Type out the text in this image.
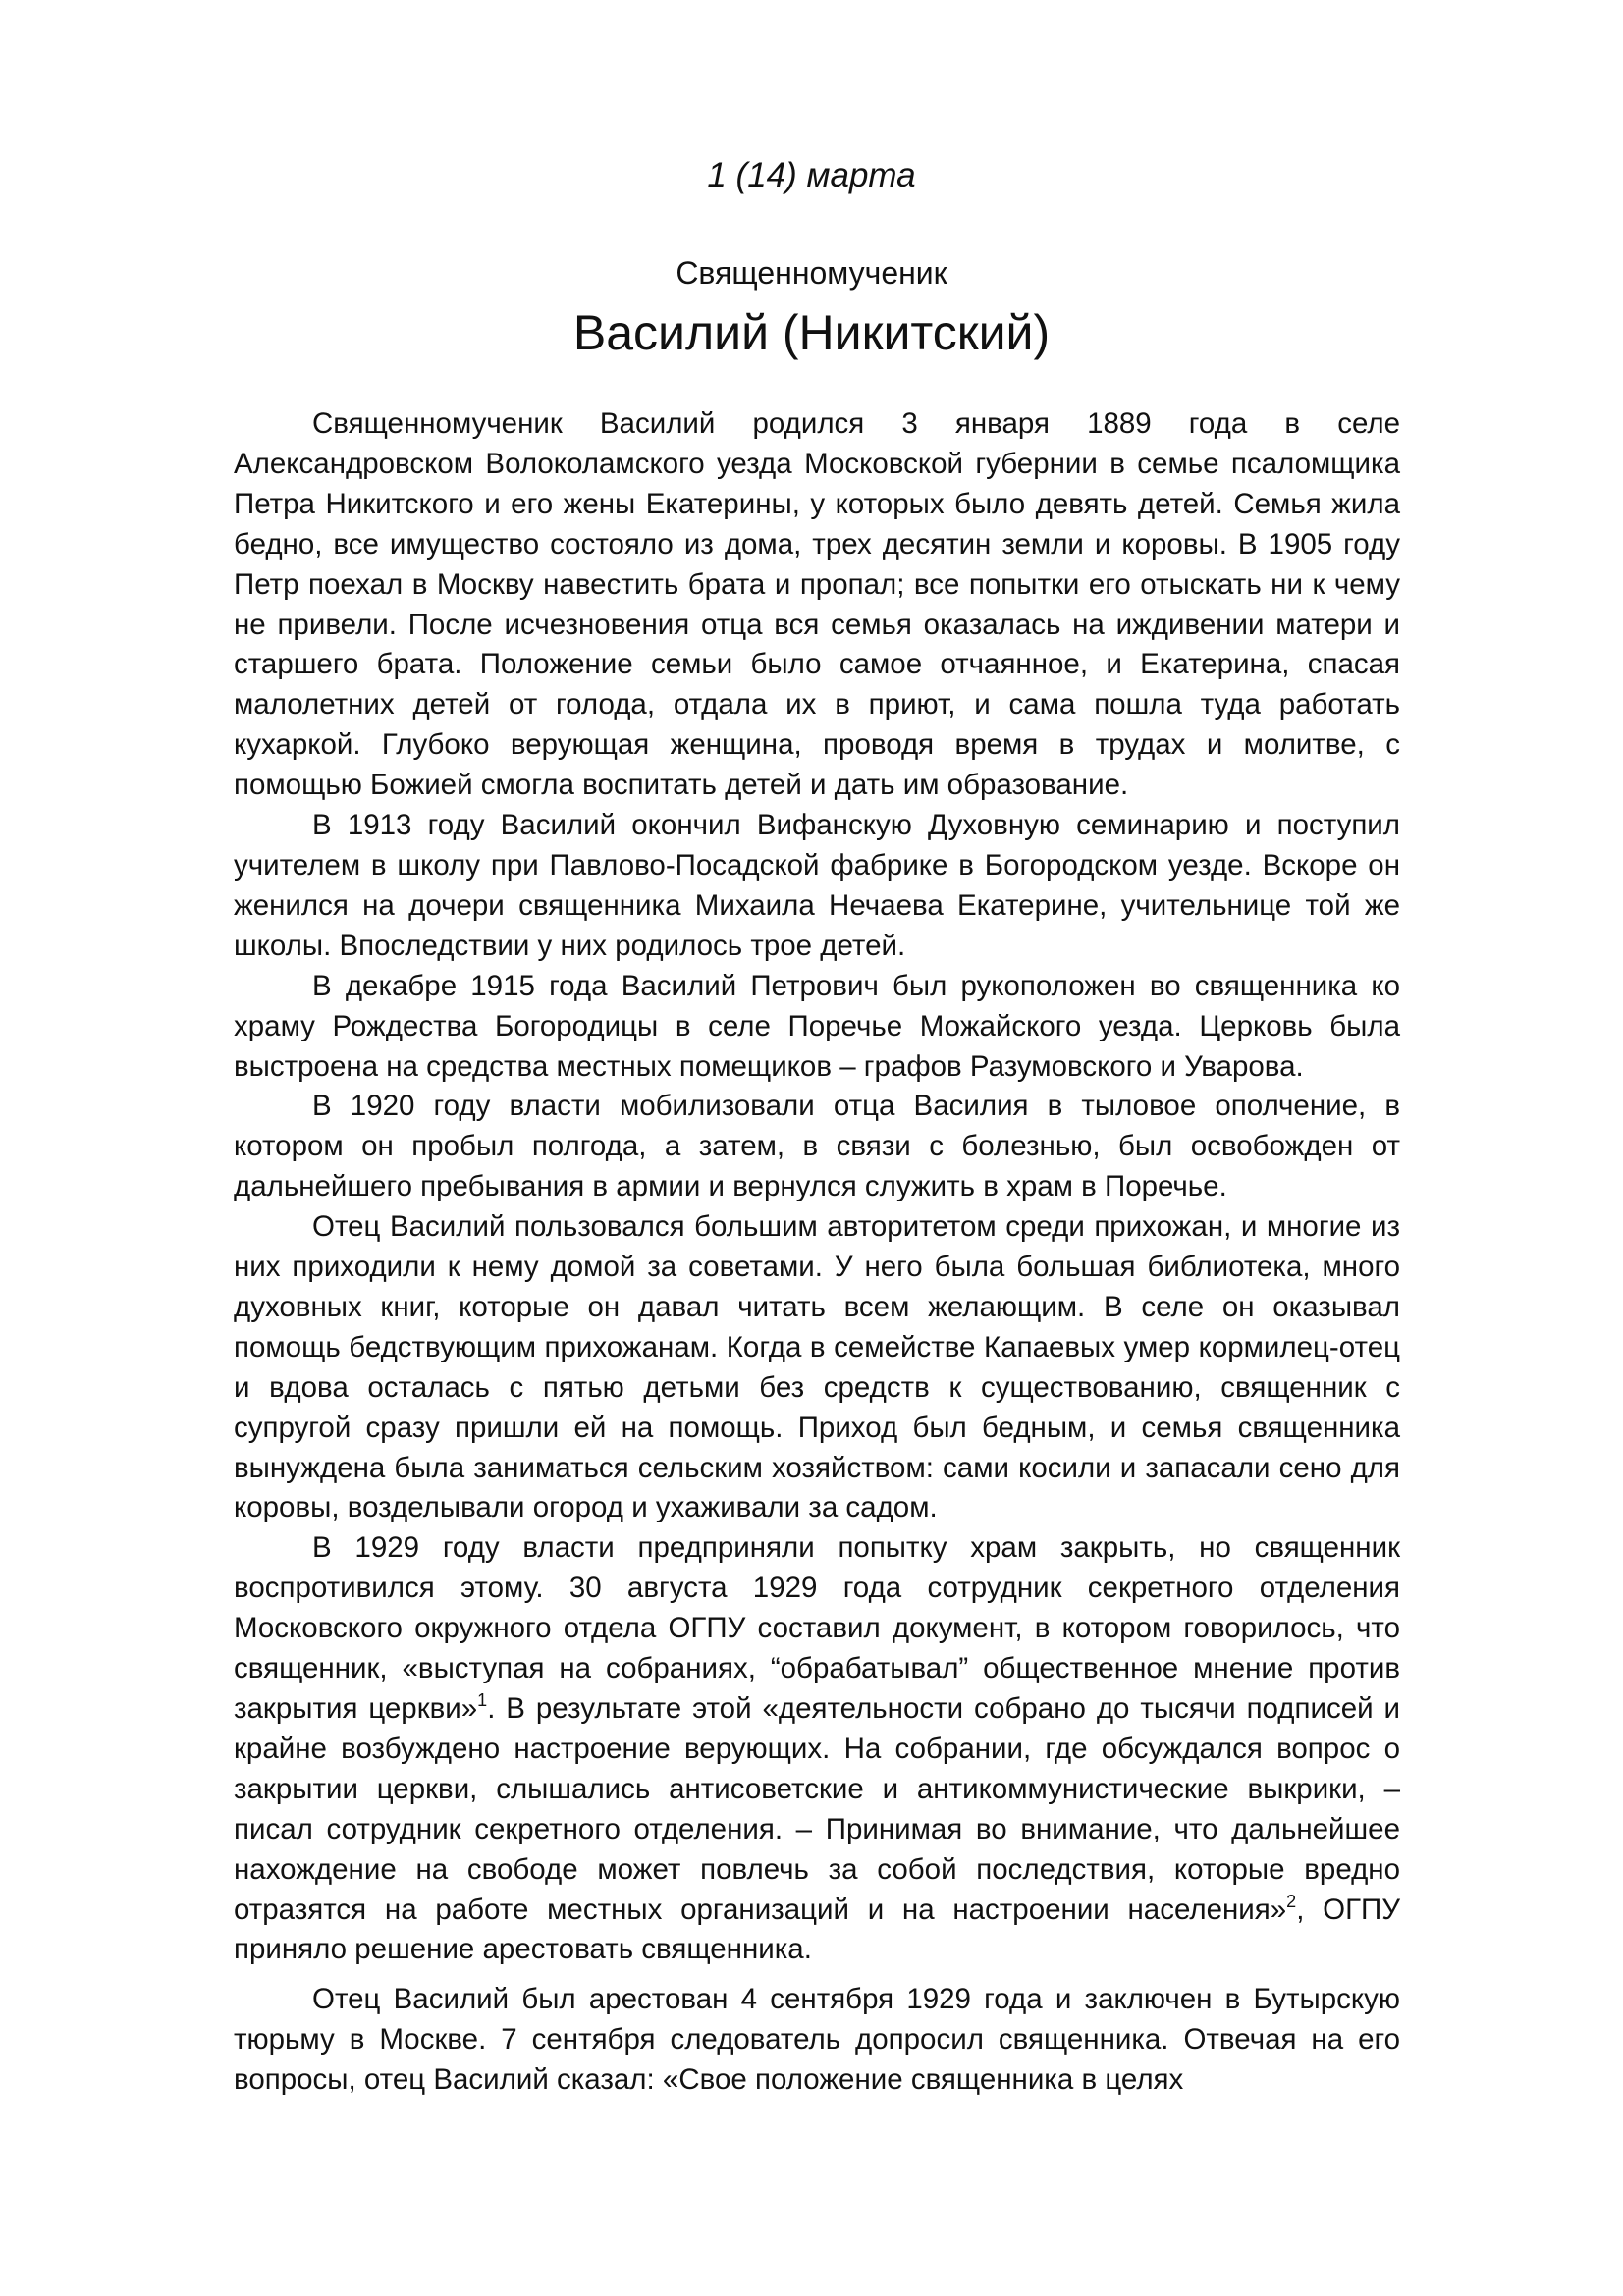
1 (14) марта
Священномученик
Василий (Никитский)

Священномученик Василий родился 3 января 1889 года в селе Александровском Волоколамского уезда Московской губернии в семье псаломщика Петра Никитского и его жены Екатерины, у которых было девять детей. Семья жила бедно, все имущество состояло из дома, трех десятин земли и коровы. В 1905 году Петр поехал в Москву навестить брата и пропал; все попытки его отыскать ни к чему не привели. После исчезновения отца вся семья оказалась на иждивении матери и старшего брата. Положение семьи было самое отчаянное, и Екатерина, спасая малолетних детей от голода, отдала их в приют, и сама пошла туда работать кухаркой. Глубоко верующая женщина, проводя время в трудах и молитве, с помощью Божией смогла воспитать детей и дать им образование.

В 1913 году Василий окончил Вифанскую Духовную семинарию и поступил учителем в школу при Павлово-Посадской фабрике в Богородском уезде. Вскоре он женился на дочери священника Михаила Нечаева Екатерине, учительнице той же школы. Впоследствии у них родилось трое детей.

В декабре 1915 года Василий Петрович был рукоположен во священника ко храму Рождества Богородицы в селе Поречье Можайского уезда. Церковь была выстроена на средства местных помещиков – графов Разумовского и Уварова.

В 1920 году власти мобилизовали отца Василия в тыловое ополчение, в котором он пробыл полгода, а затем, в связи с болезнью, был освобожден от дальнейшего пребывания в армии и вернулся служить в храм в Поречье.

Отец Василий пользовался большим авторитетом среди прихожан, и многие из них приходили к нему домой за советами. У него была большая библиотека, много духовных книг, которые он давал читать всем желающим. В селе он оказывал помощь бедствующим прихожанам. Когда в семействе Капаевых умер кормилец-отец и вдова осталась с пятью детьми без средств к существованию, священник с супругой сразу пришли ей на помощь. Приход был бедным, и семья священника вынуждена была заниматься сельским хозяйством: сами косили и запасали сено для коровы, возделывали огород и ухаживали за садом.

В 1929 году власти предприняли попытку храм закрыть, но священник воспротивился этому. 30 августа 1929 года сотрудник секретного отделения Московского окружного отдела ОГПУ составил документ, в котором говорилось, что священник, «выступая на собраниях, “обрабатывал” общественное мнение против закрытия церкви»$^1$. В результате этой «деятельности собрано до тысячи подписей и крайне возбуждено настроение верующих. На собрании, где обсуждался вопрос о закрытии церкви, слышались антисоветские и антикоммунистические выкрики, – писал сотрудник секретного отделения. – Принимая во внимание, что дальнейшее нахождение на свободе может повлечь за собой последствия, которые вредно отразятся на работе местных организаций и на настроении населения»$^2$, ОГПУ приняло решение арестовать священника.

Отец Василий был арестован 4 сентября 1929 года и заключен в Бутырскую тюрьму в Москве. 7 сентября следователь допросил священника. Отвечая на его вопросы, отец Василий сказал: «Свое положение священника в целях
